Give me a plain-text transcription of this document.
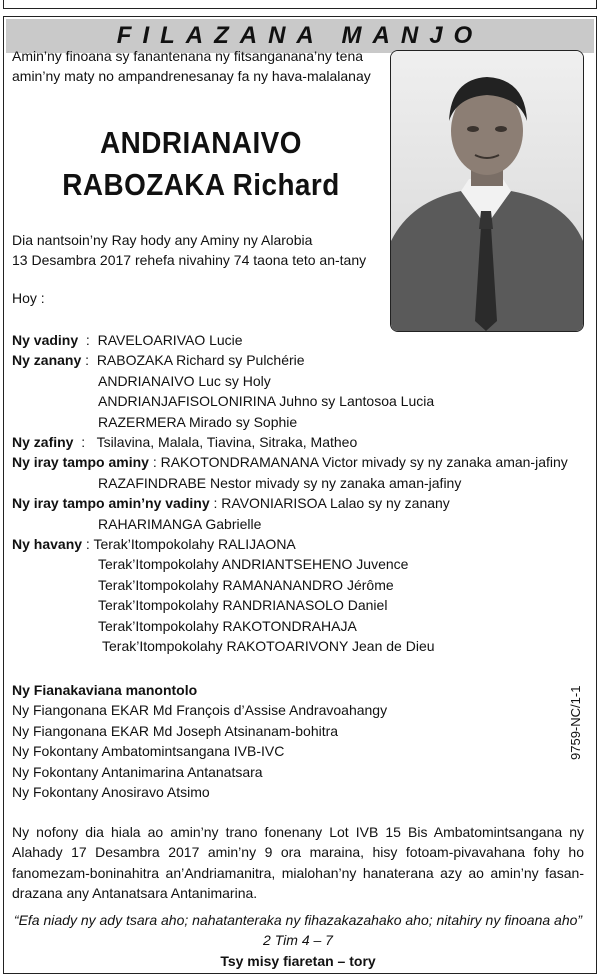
FILAZANA MANJO
Amin’ny finoana sy fanantenana ny fitsanganana’ny tena
amin’ny maty no ampandrenesanay fa ny hava-malalanay
ANDRIANAIVO
RABOZAKA Richard
Dia nantsoin’ny Ray hody any Aminy ny Alarobia
13 Desambra 2017 rehefa nivahiny 74 taona teto an-tany
Hoy :
Ny vadiny  :  RAVELOARIVAO Lucie
Ny zanany :  RABOZAKA Richard sy Pulchérie
ANDRIANAIVO Luc sy Holy
ANDRIANJAFISOLONIRINA Juhno sy Lantosoa Lucia
RAZERMERA Mirado sy Sophie
Ny zafiny  :   Tsilavina, Malala, Tiavina, Sitraka, Matheo
Ny iray tampo aminy : RAKOTONDRAMANANA Victor mivady sy ny zanaka aman-jafiny
RAZAFINDRABE Nestor mivady sy ny zanaka aman-jafiny
Ny iray tampo amin’ny vadiny : RAVONIARISOA Lalao sy ny zanany
RAHARIMANGA Gabrielle
Ny havany : Terak’Itompokolahy RALIJAONA
Terak’Itompokolahy ANDRIANTSEHENO Juvence
Terak’Itompokolahy RAMANANANDRO Jérôme
Terak’Itompokolahy RANDRIANASOLO Daniel
Terak’Itompokolahy RAKOTONDRAHAJA
Terak’Itompokolahy RAKOTOARIVONY Jean de Dieu
Ny Fianakaviana manontolo
Ny Fiangonana EKAR Md François d’Assise Andravoahangy
Ny Fiangonana EKAR Md Joseph Atsinanam-bohitra
Ny Fokontany Ambatomintsangana IVB-IVC
Ny Fokontany Antanimarina Antanatsara
Ny Fokontany Anosiravo Atsimo
9759-NC/1-1
Ny nofony dia hiala ao amin’ny trano fonenany Lot IVB 15 Bis Ambatomintsangana ny Alahady 17 Desambra 2017 amin’ny 9 ora maraina, hisy fotoam-pivavahana fohy ho fanomezam-boninahitra an’Andriamanitra, mialohan’ny hanaterana azy ao amin’ny fasan-drazana any Antanatsara Antanimarina.
“Efa niady ny ady tsara aho; nahatanteraka ny fihazakazahako aho; nitahiry ny finoana aho”
2 Tim 4 – 7
Tsy misy fiaretan – tory
